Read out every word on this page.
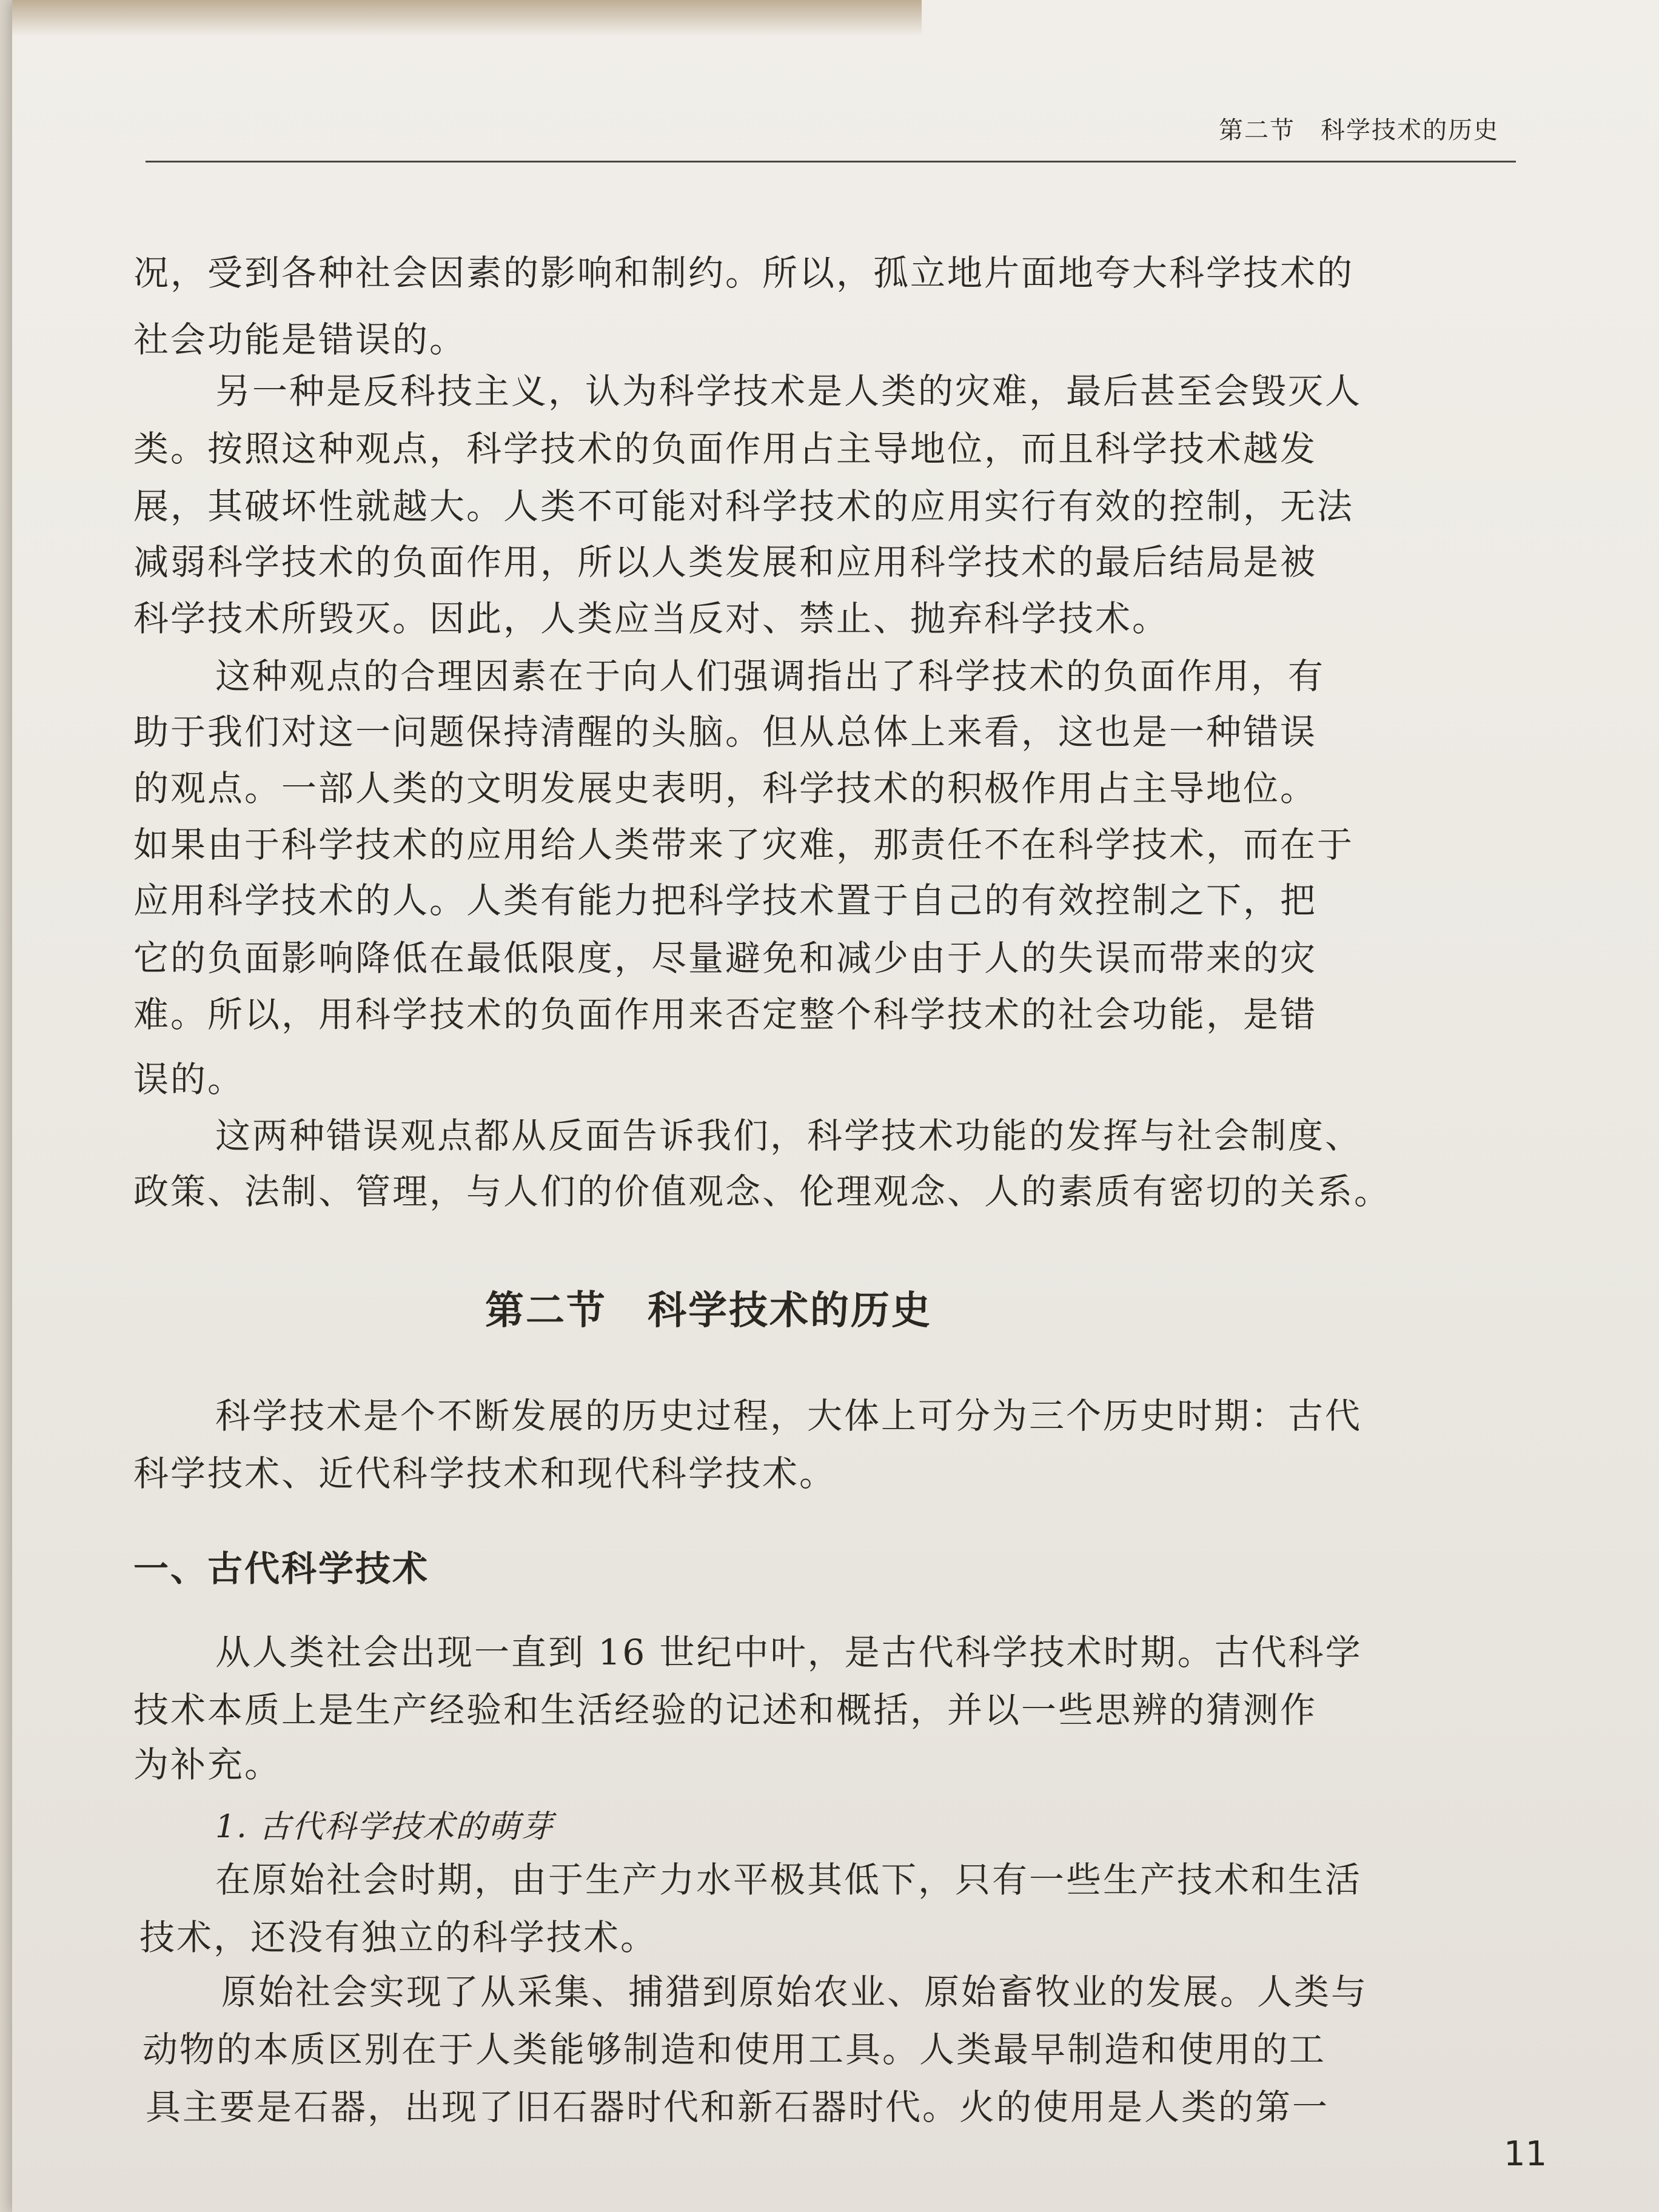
第二节　科学技术的历史
况，受到各种社会因素的影响和制约。所以，孤立地片面地夸大科学技术的
社会功能是错误的。
另一种是反科技主义，认为科学技术是人类的灾难，最后甚至会毁灭人
类。按照这种观点，科学技术的负面作用占主导地位，而且科学技术越发
展，其破坏性就越大。人类不可能对科学技术的应用实行有效的控制，无法
减弱科学技术的负面作用，所以人类发展和应用科学技术的最后结局是被
科学技术所毁灭。因此，人类应当反对、禁止、抛弃科学技术。
这种观点的合理因素在于向人们强调指出了科学技术的负面作用，有
助于我们对这一问题保持清醒的头脑。但从总体上来看，这也是一种错误
的观点。一部人类的文明发展史表明，科学技术的积极作用占主导地位。
如果由于科学技术的应用给人类带来了灾难，那责任不在科学技术，而在于
应用科学技术的人。人类有能力把科学技术置于自己的有效控制之下，把
它的负面影响降低在最低限度，尽量避免和减少由于人的失误而带来的灾
难。所以，用科学技术的负面作用来否定整个科学技术的社会功能，是错
误的。
这两种错误观点都从反面告诉我们，科学技术功能的发挥与社会制度、
政策、法制、管理，与人们的价值观念、伦理观念、人的素质有密切的关系。
第二节　科学技术的历史
科学技术是个不断发展的历史过程，大体上可分为三个历史时期：古代
科学技术、近代科学技术和现代科学技术。
一、古代科学技术
从人类社会出现一直到 16 世纪中叶，是古代科学技术时期。古代科学
技术本质上是生产经验和生活经验的记述和概括，并以一些思辨的猜测作
为补充。
1. 古代科学技术的萌芽
在原始社会时期，由于生产力水平极其低下，只有一些生产技术和生活
技术，还没有独立的科学技术。
原始社会实现了从采集、捕猎到原始农业、原始畜牧业的发展。人类与
动物的本质区别在于人类能够制造和使用工具。人类最早制造和使用的工
具主要是石器，出现了旧石器时代和新石器时代。火的使用是人类的第一
11
